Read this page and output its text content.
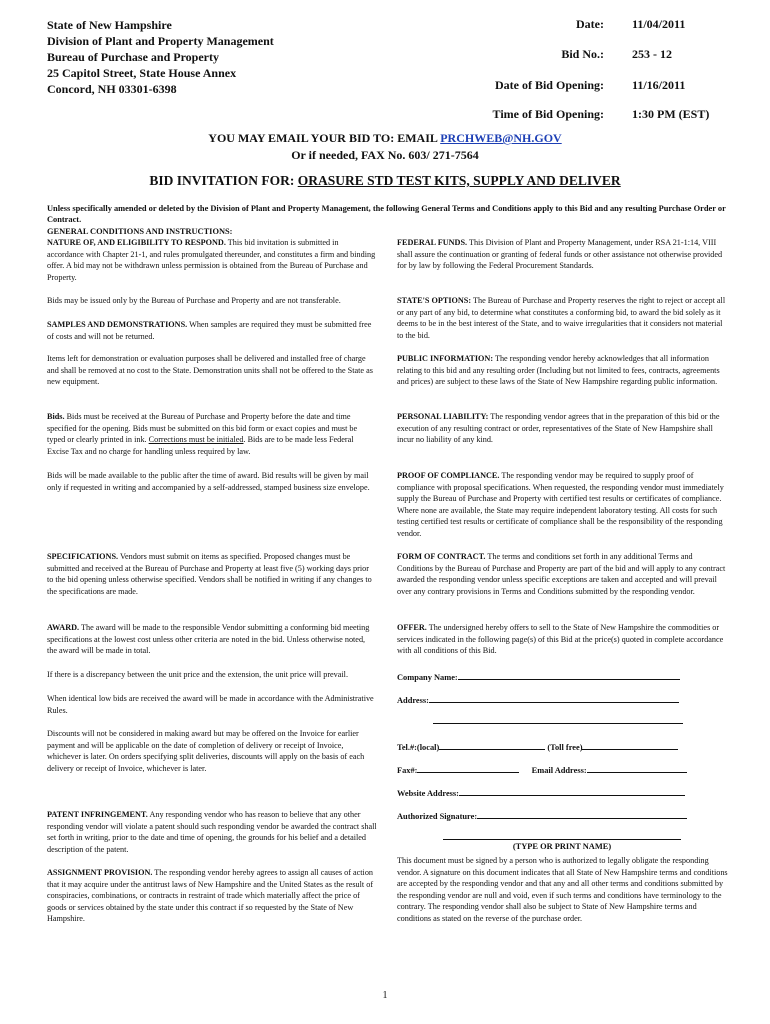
State of New Hampshire
Division of Plant and Property Management
Bureau of Purchase and Property
25 Capitol Street, State House Annex
Concord, NH 03301-6398
Date: 11/04/2011
Bid No.: 253 - 12
Date of Bid Opening: 11/16/2011
Time of Bid Opening: 1:30 PM (EST)
YOU MAY EMAIL YOUR BID TO: EMAIL PRCHWEB@NH.GOV
Or if needed, FAX No. 603/ 271-7564
BID INVITATION FOR: ORASURE STD TEST KITS, SUPPLY AND DELIVER
Unless specifically amended or deleted by the Division of Plant and Property Management, the following General Terms and Conditions apply to this Bid and any resulting Purchase Order or Contract.
GENERAL CONDITIONS AND INSTRUCTIONS:
NATURE OF, AND ELIGIBILITY TO RESPOND. This bid invitation is submitted in accordance with Chapter 21-1, and rules promulgated thereunder, and constitutes a firm and binding offer. A bid may not be withdrawn unless permission is obtained from the Bureau of Purchase and Property.
Bids may be issued only by the Bureau of Purchase and Property and are not transferable.
SAMPLES AND DEMONSTRATIONS. When samples are required they must be submitted free of costs and will not be returned.
Items left for demonstration or evaluation purposes shall be delivered and installed free of charge and shall be removed at no cost to the State. Demonstration units shall not be offered to the State as new equipment.
Bids. Bids must be received at the Bureau of Purchase and Property before the date and time specified for the opening. Bids must be submitted on this bid form or exact copies and must be typed or clearly printed in ink. Corrections must be initialed. Bids are to be made less Federal Excise Tax and no charge for handling unless required by law.
Bids will be made available to the public after the time of award. Bid results will be given by mail only if requested in writing and accompanied by a self-addressed, stamped business size envelope.
SPECIFICATIONS. Vendors must submit on items as specified. Proposed changes must be submitted and received at the Bureau of Purchase and Property at least five (5) working days prior to the bid opening unless otherwise specified. Vendors shall be notified in writing if any changes to the specifications are made.
AWARD. The award will be made to the responsible Vendor submitting a conforming bid meeting specifications at the lowest cost unless other criteria are noted in the bid. Unless otherwise noted, the award will be made in total.
If there is a discrepancy between the unit price and the extension, the unit price will prevail.
When identical low bids are received the award will be made in accordance with the Administrative Rules.
Discounts will not be considered in making award but may be offered on the Invoice for earlier payment and will be applicable on the date of completion of delivery or receipt of Invoice, whichever is later. On orders specifying split deliveries, discounts will apply on the basis of each delivery or receipt of Invoice, whichever is later.
PATENT INFRINGEMENT. Any responding vendor who has reason to believe that any other responding vendor will violate a patent should such responding vendor be awarded the contract shall set forth in writing, prior to the date and time of opening, the grounds for his belief and a detailed description of the patent.
ASSIGNMENT PROVISION. The responding vendor hereby agrees to assign all causes of action that it may acquire under the antitrust laws of New Hampshire and the United States as the result of conspiracies, combinations, or contracts in restraint of trade which materially affect the price of goods or services obtained by the state under this contract if so requested by the State of New Hampshire.
FEDERAL FUNDS. This Division of Plant and Property Management, under RSA 21-1:14, VIII shall assure the continuation or granting of federal funds or other assistance not otherwise provided for by law by following the Federal Procurement Standards.
STATE'S OPTIONS: The Bureau of Purchase and Property reserves the right to reject or accept all or any part of any bid, to determine what constitutes a conforming bid, to award the bid solely as it deems to be in the best interest of the State, and to waive irregularities that it considers not material to the bid.
PUBLIC INFORMATION: The responding vendor hereby acknowledges that all information relating to this bid and any resulting order (Including but not limited to fees, contracts, agreements and prices) are subject to these laws of the State of New Hampshire regarding public information.
PERSONAL LIABILITY: The responding vendor agrees that in the preparation of this bid or the execution of any resulting contract or order, representatives of the State of New Hampshire shall incur no liability of any kind.
PROOF OF COMPLIANCE. The responding vendor may be required to supply proof of compliance with proposal specifications. When requested, the responding vendor must immediately supply the Bureau of Purchase and Property with certified test results or certificates of compliance. Where none are available, the State may require independent laboratory testing. All costs for such testing certified test results or certificate of compliance shall be the responsibility of the responding vendor.
FORM OF CONTRACT. The terms and conditions set forth in any additional Terms and Conditions by the Bureau of Purchase and Property are part of the bid and will apply to any contract awarded the responding vendor unless specific exceptions are taken and accepted and will prevail over any contrary provisions in Terms and Conditions submitted by the responding vendor.
OFFER. The undersigned hereby offers to sell to the State of New Hampshire the commodities or services indicated in the following page(s) of this Bid at the price(s) quoted in complete accordance with all conditions of this Bid.
Company Name:
Address:
Tel.#:(local)	(Toll free)
Fax#:	Email Address:
Website Address:
Authorized Signature:
(TYPE OR PRINT NAME)
This document must be signed by a person who is authorized to legally obligate the responding vendor. A signature on this document indicates that all State of New Hampshire terms and conditions are accepted by the responding vendor and that any and all other terms and conditions submitted by the responding vendor are null and void, even if such terms and conditions have terminology to the contrary. The responding vendor shall also be subject to State of New Hampshire terms and conditions as stated on the reverse of the purchase order.
1
